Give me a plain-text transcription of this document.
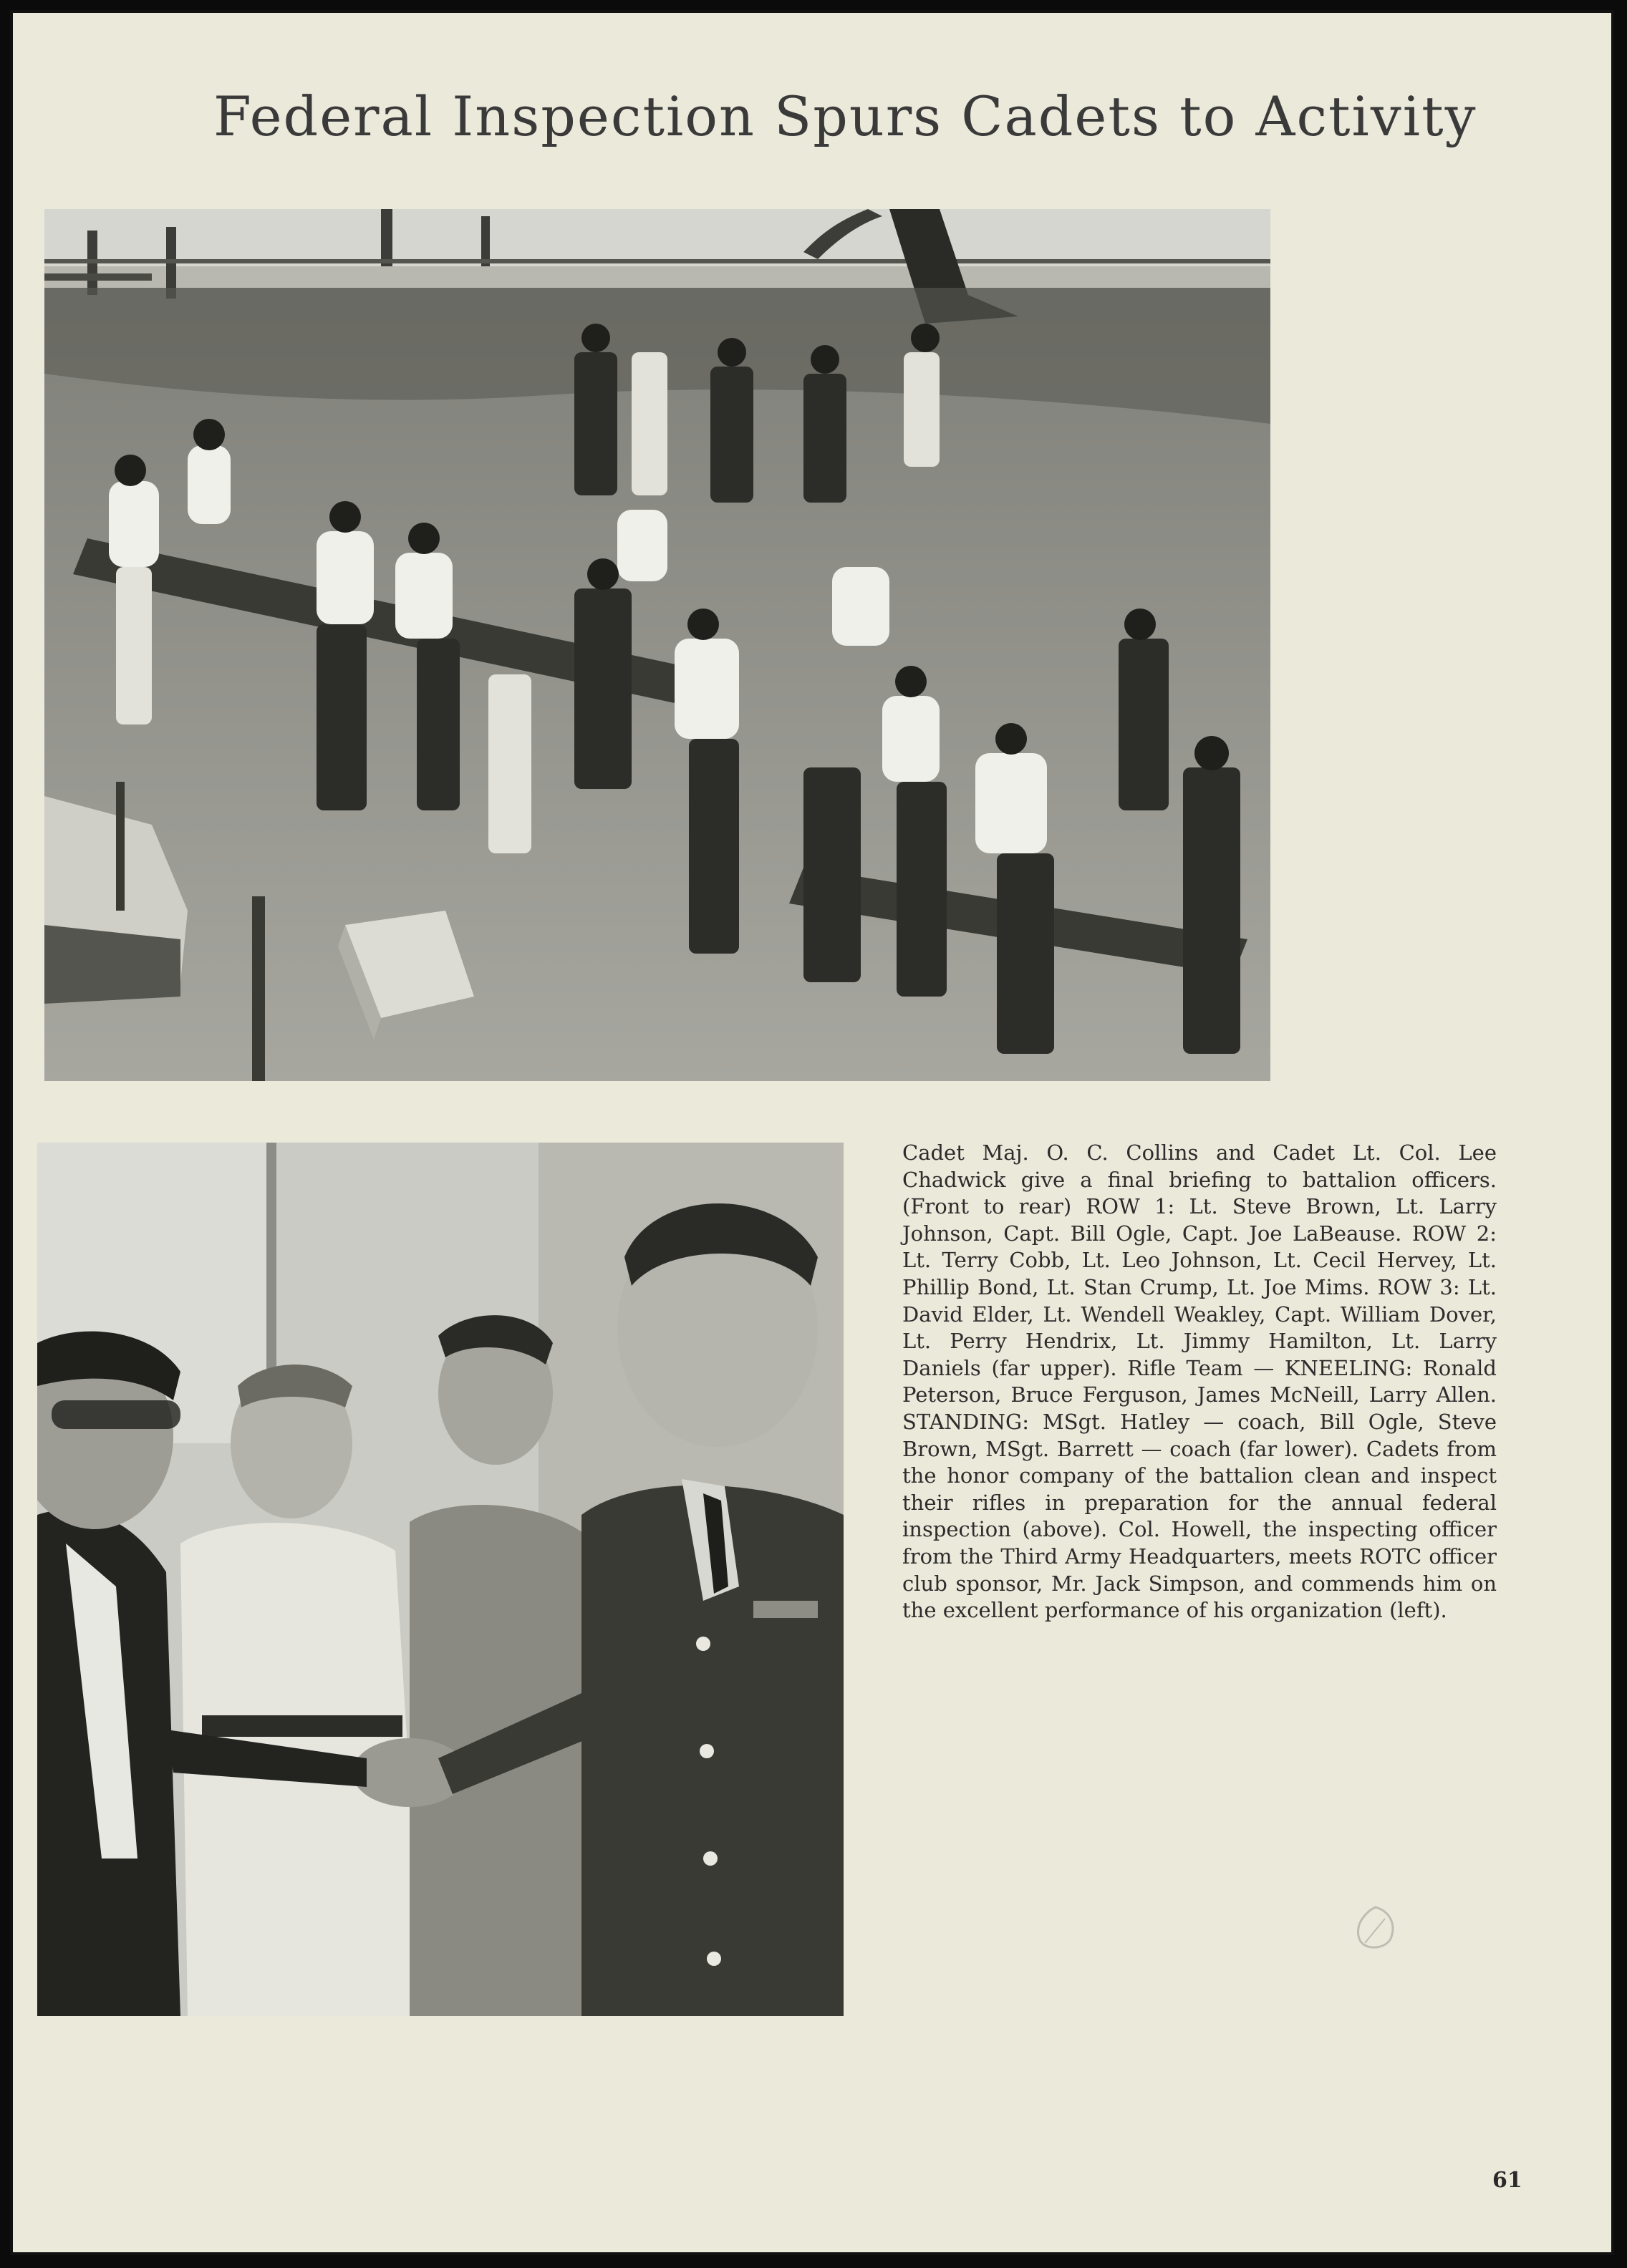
Federal Inspection Spurs Cadets to Activity

Cadet Maj. O. C. Collins and Cadet Lt. Col. Lee Chadwick give a final briefing to battalion officers. (Front to rear) ROW 1: Lt. Steve Brown, Lt. Larry Johnson, Capt. Bill Ogle, Capt. Joe LaBeause. ROW 2: Lt. Terry Cobb, Lt. Leo Johnson, Lt. Cecil Hervey, Lt. Phillip Bond, Lt. Stan Crump, Lt. Joe Mims. ROW 3: Lt. David Elder, Lt. Wendell Weakley, Capt. William Dover, Lt. Perry Hendrix, Lt. Jimmy Hamilton, Lt. Larry Daniels (far upper). Rifle Team — KNEELING: Ronald Peterson, Bruce Ferguson, James McNeill, Larry Allen. STANDING: MSgt. Hatley — coach, Bill Ogle, Steve Brown, MSgt. Barrett — coach (far lower). Cadets from the honor company of the battalion clean and inspect their rifles in preparation for the annual federal inspection (above). Col. Howell, the inspecting officer from the Third Army Headquarters, meets ROTC officer club sponsor, Mr. Jack Simpson, and commends him on the excellent performance of his organization (left).

61
